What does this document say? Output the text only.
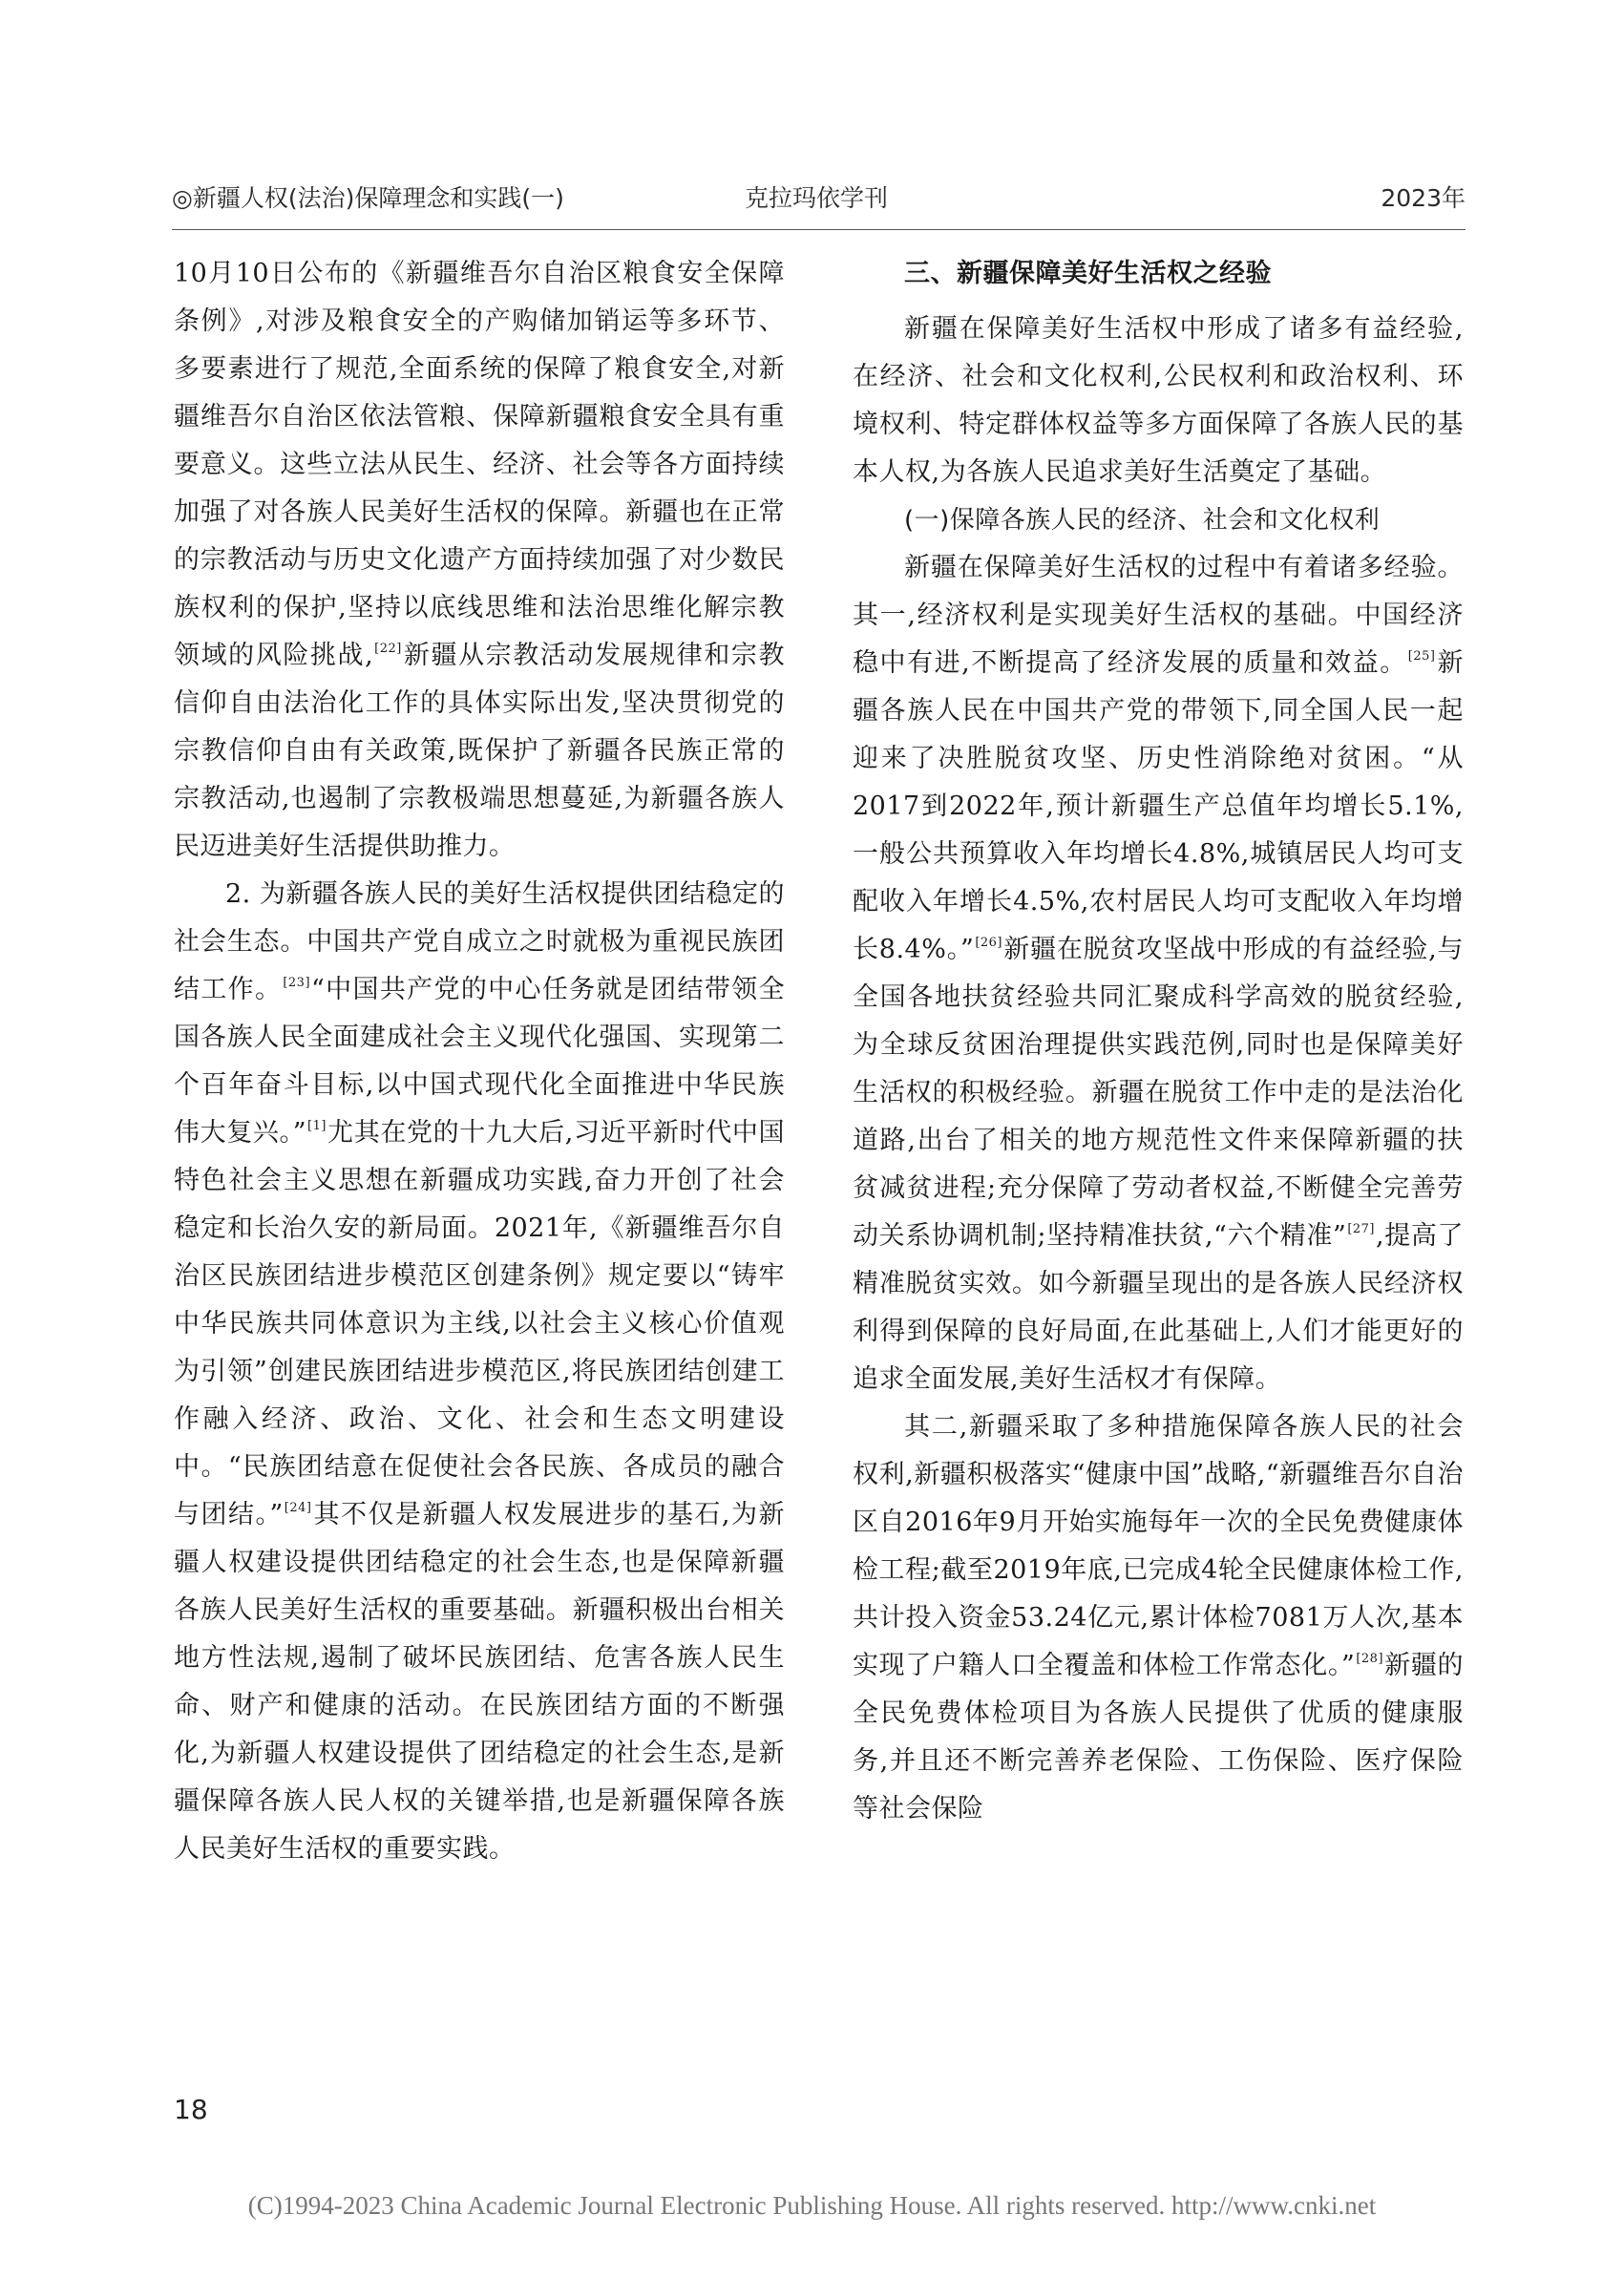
◎新疆人权(法治)保障理念和实践(一)	克拉玛依学刊	2023年

10月10日公布的《新疆维吾尔自治区粮食安全保障条例》,对涉及粮食安全的产购储加销运等多环节、多要素进行了规范,全面系统的保障了粮食安全,对新疆维吾尔自治区依法管粮、保障新疆粮食安全具有重要意义。这些立法从民生、经济、社会等各方面持续加强了对各族人民美好生活权的保障。新疆也在正常的宗教活动与历史文化遗产方面持续加强了对少数民族权利的保护,坚持以底线思维和法治思维化解宗教领域的风险挑战,[22]新疆从宗教活动发展规律和宗教信仰自由法治化工作的具体实际出发,坚决贯彻党的宗教信仰自由有关政策,既保护了新疆各民族正常的宗教活动,也遏制了宗教极端思想蔓延,为新疆各族人民迈进美好生活提供助推力。

2. 为新疆各族人民的美好生活权提供团结稳定的社会生态。中国共产党自成立之时就极为重视民族团结工作。[23]“中国共产党的中心任务就是团结带领全国各族人民全面建成社会主义现代化强国、实现第二个百年奋斗目标,以中国式现代化全面推进中华民族伟大复兴。”[1]尤其在党的十九大后,习近平新时代中国特色社会主义思想在新疆成功实践,奋力开创了社会稳定和长治久安的新局面。2021年,《新疆维吾尔自治区民族团结进步模范区创建条例》规定要以“铸牢中华民族共同体意识为主线,以社会主义核心价值观为引领”创建民族团结进步模范区,将民族团结创建工作融入经济、政治、文化、社会和生态文明建设中。“民族团结意在促使社会各民族、各成员的融合与团结。”[24]其不仅是新疆人权发展进步的基石,为新疆人权建设提供团结稳定的社会生态,也是保障新疆各族人民美好生活权的重要基础。新疆积极出台相关地方性法规,遏制了破坏民族团结、危害各族人民生命、财产和健康的活动。在民族团结方面的不断强化,为新疆人权建设提供了团结稳定的社会生态,是新疆保障各族人民人权的关键举措,也是新疆保障各族人民美好生活权的重要实践。

三、新疆保障美好生活权之经验

新疆在保障美好生活权中形成了诸多有益经验,在经济、社会和文化权利,公民权利和政治权利、环境权利、特定群体权益等多方面保障了各族人民的基本人权,为各族人民追求美好生活奠定了基础。

(一)保障各族人民的经济、社会和文化权利

新疆在保障美好生活权的过程中有着诸多经验。其一,经济权利是实现美好生活权的基础。中国经济稳中有进,不断提高了经济发展的质量和效益。[25]新疆各族人民在中国共产党的带领下,同全国人民一起迎来了决胜脱贫攻坚、历史性消除绝对贫困。“从2017到2022年,预计新疆生产总值年均增长5.1%,一般公共预算收入年均增长4.8%,城镇居民人均可支配收入年增长4.5%,农村居民人均可支配收入年均增长8.4%。”[26]新疆在脱贫攻坚战中形成的有益经验,与全国各地扶贫经验共同汇聚成科学高效的脱贫经验,为全球反贫困治理提供实践范例,同时也是保障美好生活权的积极经验。新疆在脱贫工作中走的是法治化道路,出台了相关的地方规范性文件来保障新疆的扶贫减贫进程;充分保障了劳动者权益,不断健全完善劳动关系协调机制;坚持精准扶贫,“六个精准”[27],提高了精准脱贫实效。如今新疆呈现出的是各族人民经济权利得到保障的良好局面,在此基础上,人们才能更好的追求全面发展,美好生活权才有保障。

其二,新疆采取了多种措施保障各族人民的社会权利,新疆积极落实“健康中国”战略,“新疆维吾尔自治区自2016年9月开始实施每年一次的全民免费健康体检工程;截至2019年底,已完成4轮全民健康体检工作,共计投入资金53.24亿元,累计体检7081万人次,基本实现了户籍人口全覆盖和体检工作常态化。”[28]新疆的全民免费体检项目为各族人民提供了优质的健康服务,并且还不断完善养老保险、工伤保险、医疗保险等社会保险

18
(C)1994-2023 China Academic Journal Electronic Publishing House. All rights reserved. http://www.cnki.net
